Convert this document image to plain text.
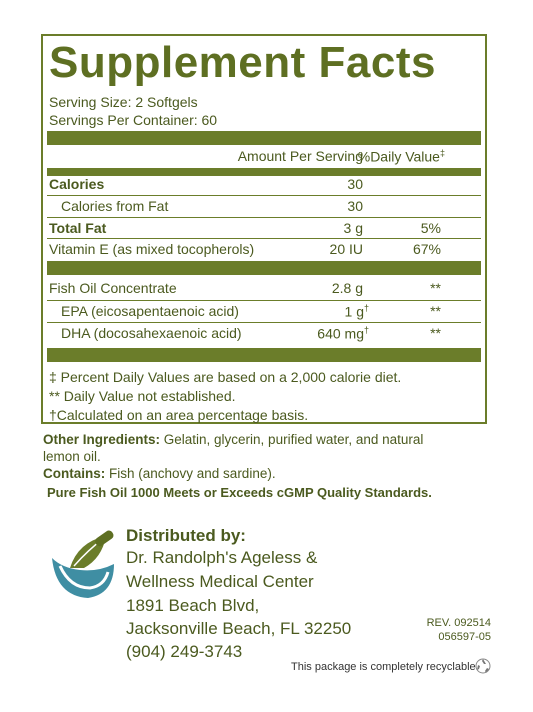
Supplement Facts
Serving Size: 2 Softgels
Servings Per Container: 60
Amount Per Serving
%Daily Value‡
Calories	30
Calories from Fat	30
Total Fat	3 g	5%
Vitamin E (as mixed tocopherols)	20 IU	67%
Fish Oil Concentrate	2.8 g	**
EPA (eicosapentaenoic acid)	1 g†	**
DHA (docosahexaenoic acid)	640 mg†	**
‡ Percent Daily Values are based on a 2,000 calorie diet.
** Daily Value not established.
†Calculated on an area percentage basis.
Other Ingredients: Gelatin, glycerin, purified water, and natural
lemon oil.
Contains: Fish (anchovy and sardine).
Pure Fish Oil 1000 Meets or Exceeds cGMP Quality Standards.
Distributed by:
Dr. Randolph's Ageless &
Wellness Medical Center
1891 Beach Blvd,
Jacksonville Beach, FL 32250
(904) 249-3743
REV. 092514
056597-05
This package is completely recyclable
